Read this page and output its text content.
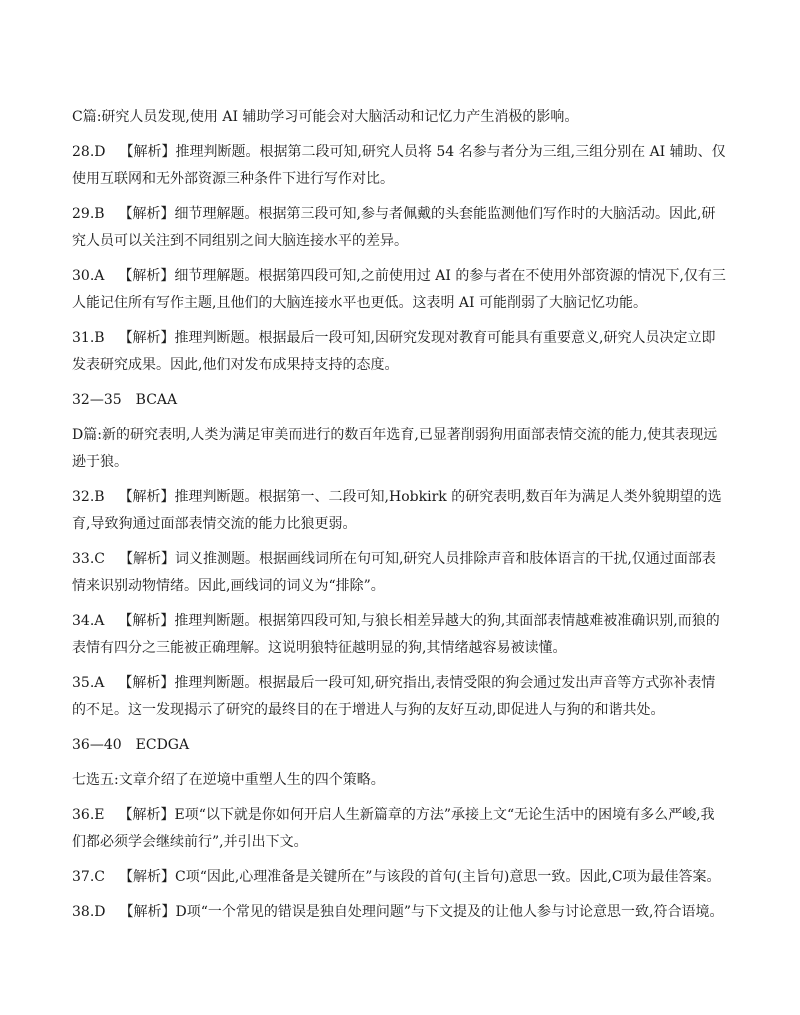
C篇:研究人员发现,使用 AI 辅助学习可能会对大脑活动和记忆力产生消极的影响。

28.D 【解析】推理判断题。根据第二段可知,研究人员将 54 名参与者分为三组,三组分别在 AI 辅助、仅使用互联网和无外部资源三种条件下进行写作对比。

29.B 【解析】细节理解题。根据第三段可知,参与者佩戴的头套能监测他们写作时的大脑活动。因此,研究人员可以关注到不同组别之间大脑连接水平的差异。

30.A 【解析】细节理解题。根据第四段可知,之前使用过 AI 的参与者在不使用外部资源的情况下,仅有三人能记住所有写作主题,且他们的大脑连接水平也更低。这表明 AI 可能削弱了大脑记忆功能。

31.B 【解析】推理判断题。根据最后一段可知,因研究发现对教育可能具有重要意义,研究人员决定立即发表研究成果。因此,他们对发布成果持支持的态度。

32—35 BCAA

D篇:新的研究表明,人类为满足审美而进行的数百年选育,已显著削弱狗用面部表情交流的能力,使其表现远逊于狼。

32.B 【解析】推理判断题。根据第一、二段可知,Hobkirk 的研究表明,数百年为满足人类外貌期望的选育,导致狗通过面部表情交流的能力比狼更弱。

33.C 【解析】词义推测题。根据画线词所在句可知,研究人员排除声音和肢体语言的干扰,仅通过面部表情来识别动物情绪。因此,画线词的词义为“排除”。

34.A 【解析】推理判断题。根据第四段可知,与狼长相差异越大的狗,其面部表情越难被准确识别,而狼的表情有四分之三能被正确理解。这说明狼特征越明显的狗,其情绪越容易被读懂。

35.A 【解析】推理判断题。根据最后一段可知,研究指出,表情受限的狗会通过发出声音等方式弥补表情的不足。这一发现揭示了研究的最终目的在于增进人与狗的友好互动,即促进人与狗的和谐共处。

36—40 ECDGA

七选五:文章介绍了在逆境中重塑人生的四个策略。

36.E 【解析】E项“以下就是你如何开启人生新篇章的方法”承接上文“无论生活中的困境有多么严峻,我们都必须学会继续前行”,并引出下文。

37.C 【解析】C项“因此,心理准备是关键所在”与该段的首句(主旨句)意思一致。因此,C项为最佳答案。

38.D 【解析】D项“一个常见的错误是独自处理问题”与下文提及的让他人参与讨论意思一致,符合语境。
